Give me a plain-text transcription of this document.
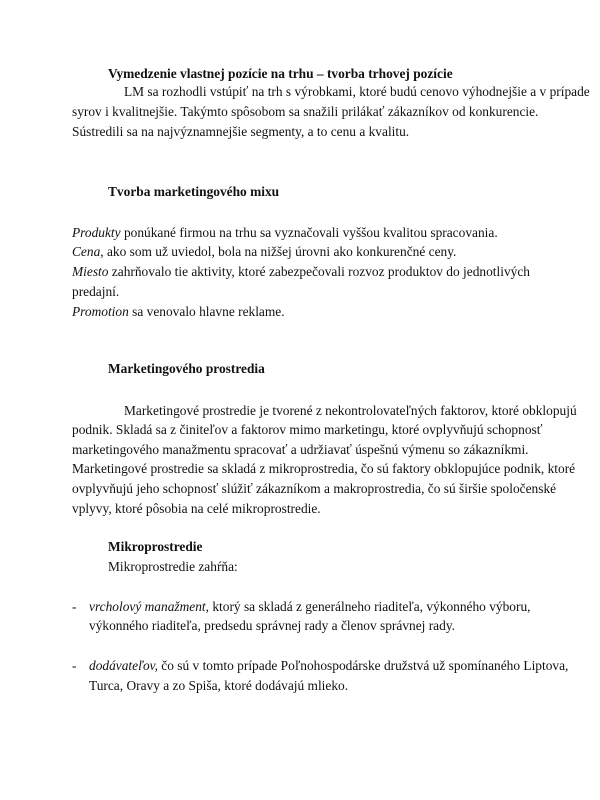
Vymedzenie vlastnej pozície na trhu – tvorba trhovej pozície
LM sa rozhodli vstúpiť na trh s výrobkami, ktoré budú cenovo výhodnejšie a v prípade
syrov i kvalitnejšie. Takýmto spôsobom sa snažili prilákať zákazníkov od konkurencie.
Sústredili sa na najvýznamnejšie segmenty, a to cenu a kvalitu.
Tvorba marketingového mixu
Produkty ponúkané firmou na trhu sa vyznačovali vyššou kvalitou spracovania.
Cena, ako som už uviedol, bola na nižšej úrovni ako konkurenčné ceny.
Miesto zahrňovalo tie aktivity, ktoré zabezpečovali rozvoz produktov do jednotlivých
predajní.
Promotion sa venovalo hlavne reklame.
Marketingového prostredia
Marketingové prostredie je tvorené z nekontrolovateľných faktorov, ktoré obklopujú
podnik. Skladá sa z činiteľov a faktorov mimo marketingu, ktoré ovplyvňujú schopnosť
marketingového manažmentu spracovať a udržiavať úspešnú výmenu so zákazníkmi.
Marketingové prostredie sa skladá z mikroprostredia, čo sú faktory obklopujúce podnik, ktoré
ovplyvňujú jeho schopnosť slúžiť zákazníkom a makroprostredia, čo sú širšie spoločenské
vplyvy, ktoré pôsobia na celé mikroprostredie.
Mikroprostredie
Mikroprostredie zahŕňa:
- vrcholový manažment, ktorý sa skladá z generálneho riaditeľa, výkonného výboru,
výkonného riaditeľa, predsedu správnej rady a členov správnej rady.
- dodávateľov, čo sú v tomto prípade Poľnohospodárske družstvá už spomínaného Liptova,
Turca, Oravy a zo Spiša, ktoré dodávajú mlieko.
